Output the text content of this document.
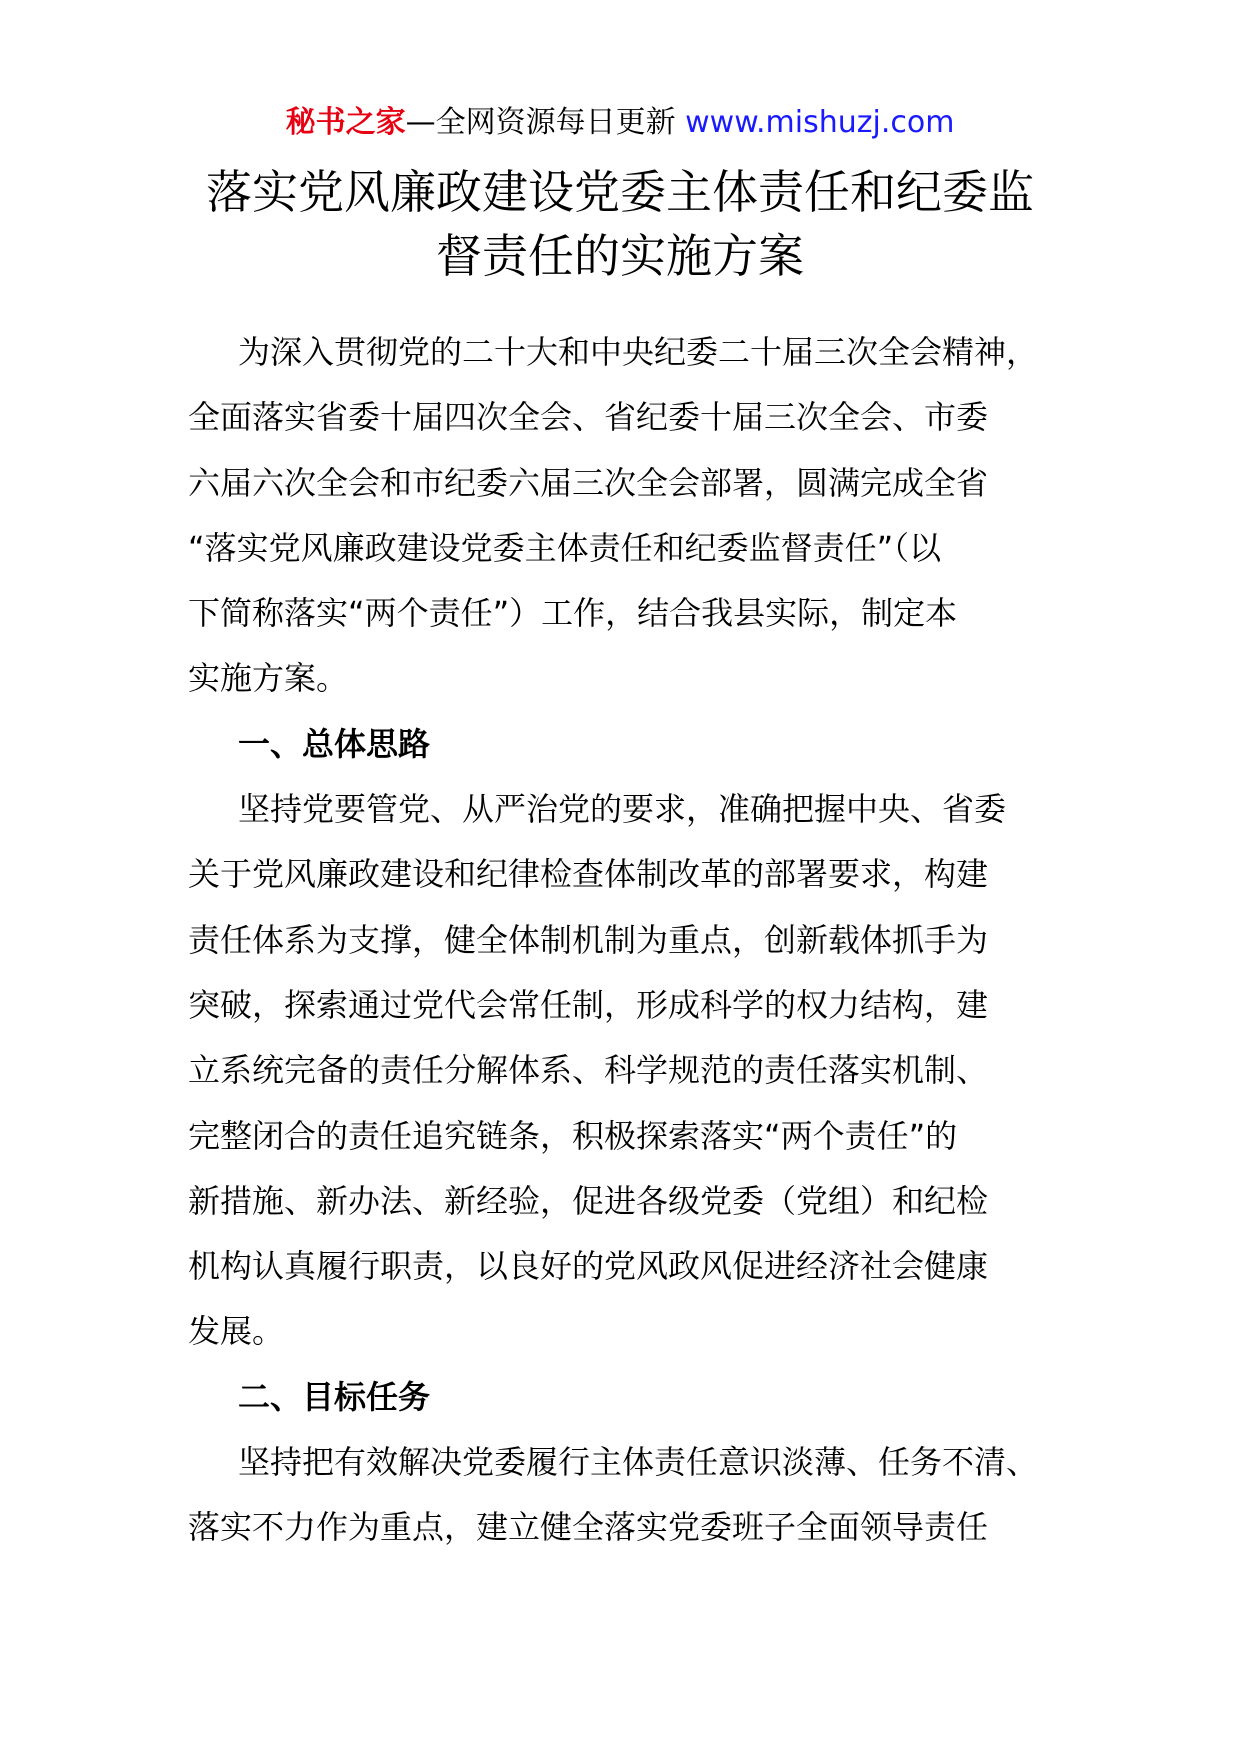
秘书之家—全网资源每日更新 www.mishuzj.com
落实党风廉政建设党委主体责任和纪委监
督责任的实施方案

为深入贯彻党的二十大和中央纪委二十届三次全会精神，

全面落实省委十届四次全会、省纪委十届三次全会、市委

六届六次全会和市纪委六届三次全会部署，圆满完成全省

“落实党风廉政建设党委主体责任和纪委监督责任”（以

下简称落实“两个责任”）工作，结合我县实际，制定本

实施方案。

一、总体思路

坚持党要管党、从严治党的要求，准确把握中央、省委

关于党风廉政建设和纪律检查体制改革的部署要求，构建

责任体系为支撑，健全体制机制为重点，创新载体抓手为

突破，探索通过党代会常任制，形成科学的权力结构，建

立系统完备的责任分解体系、科学规范的责任落实机制、

完整闭合的责任追究链条，积极探索落实“两个责任”的

新措施、新办法、新经验，促进各级党委（党组）和纪检

机构认真履行职责，以良好的党风政风促进经济社会健康

发展。

二、目标任务

坚持把有效解决党委履行主体责任意识淡薄、任务不清、

落实不力作为重点，建立健全落实党委班子全面领导责任
